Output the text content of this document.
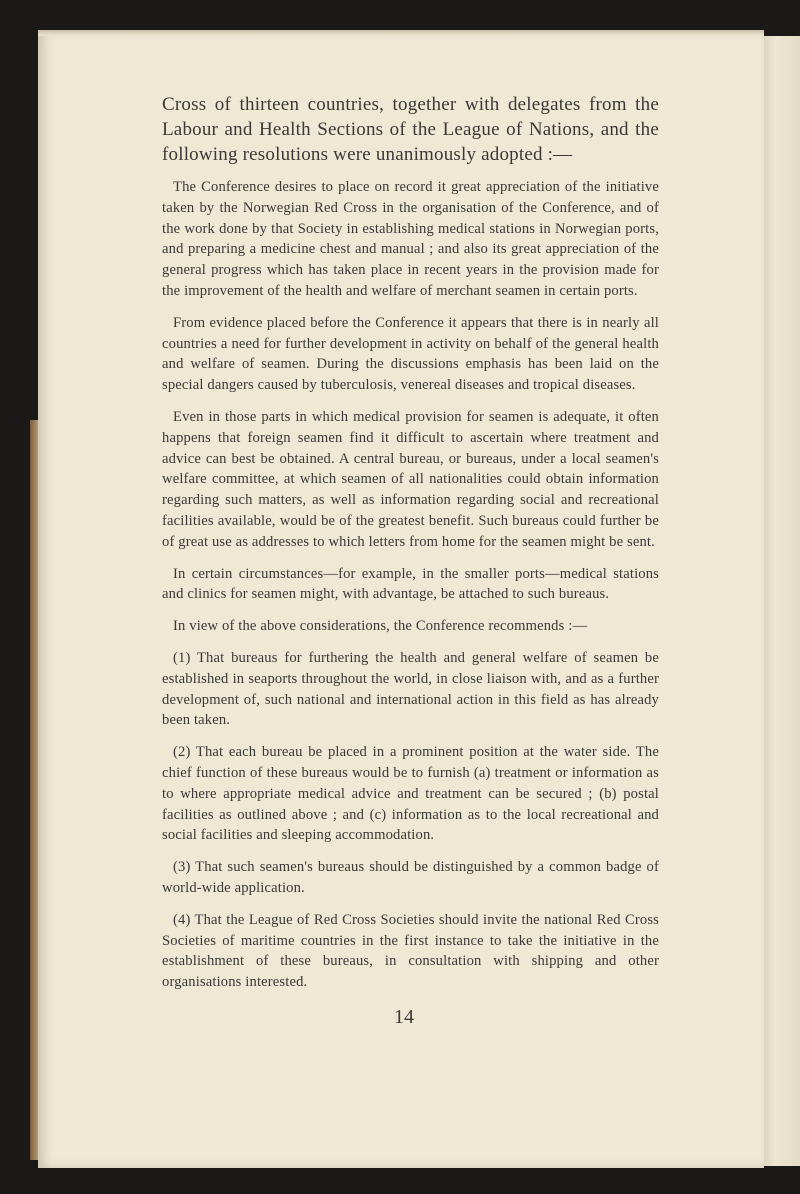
Cross of thirteen countries, together with delegates from the Labour and Health Sections of the League of Nations, and the following resolutions were unanimously adopted :—

The Conference desires to place on record it great appreciation of the initiative taken by the Norwegian Red Cross in the organisation of the Conference, and of the work done by that Society in establishing medical stations in Norwegian ports, and preparing a medicine chest and manual ; and also its great appreciation of the general progress which has taken place in recent years in the provision made for the improvement of the health and welfare of merchant seamen in certain ports.

From evidence placed before the Conference it appears that there is in nearly all countries a need for further development in activity on behalf of the general health and welfare of seamen. During the discussions emphasis has been laid on the special dangers caused by tuberculosis, venereal diseases and tropical diseases.

Even in those parts in which medical provision for seamen is adequate, it often happens that foreign seamen find it difficult to ascertain where treatment and advice can best be obtained. A central bureau, or bureaus, under a local seamen's welfare committee, at which seamen of all nationalities could obtain information regarding such matters, as well as information regarding social and recreational facilities available, would be of the greatest benefit. Such bureaus could further be of great use as addresses to which letters from home for the seamen might be sent.

In certain circumstances—for example, in the smaller ports—medical stations and clinics for seamen might, with advantage, be attached to such bureaus.

In view of the above considerations, the Conference recommends :—

(1) That bureaus for furthering the health and general welfare of seamen be established in seaports throughout the world, in close liaison with, and as a further development of, such national and international action in this field as has already been taken.

(2) That each bureau be placed in a prominent position at the water side. The chief function of these bureaus would be to furnish (a) treatment or information as to where appropriate medical advice and treatment can be secured ; (b) postal facilities as outlined above ; and (c) information as to the local recreational and social facilities and sleeping accommodation.

(3) That such seamen's bureaus should be distinguished by a common badge of world-wide application.

(4) That the League of Red Cross Societies should invite the national Red Cross Societies of maritime countries in the first instance to take the initiative in the establishment of these bureaus, in consultation with shipping and other organisations interested.

14
